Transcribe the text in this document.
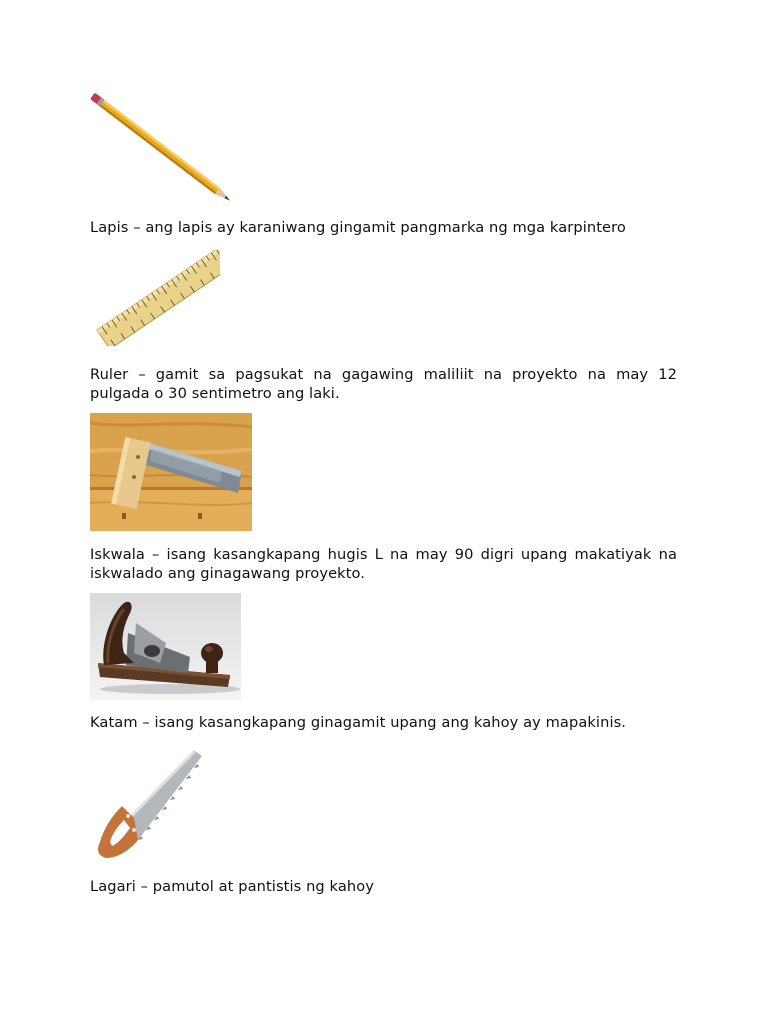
Lapis – ang lapis ay karaniwang gingamit pangmarka ng mga karpintero

Ruler – gamit sa pagsukat na gagawing maliliit na proyekto na may 12 pulgada o 30 sentimetro ang laki.

Iskwala – isang kasangkapang hugis L na may 90 digri upang makatiyak na iskwalado ang ginagawang proyekto.

Katam – isang kasangkapang ginagamit upang ang kahoy ay mapakinis.

Lagari – pamutol at pantistis ng kahoy
